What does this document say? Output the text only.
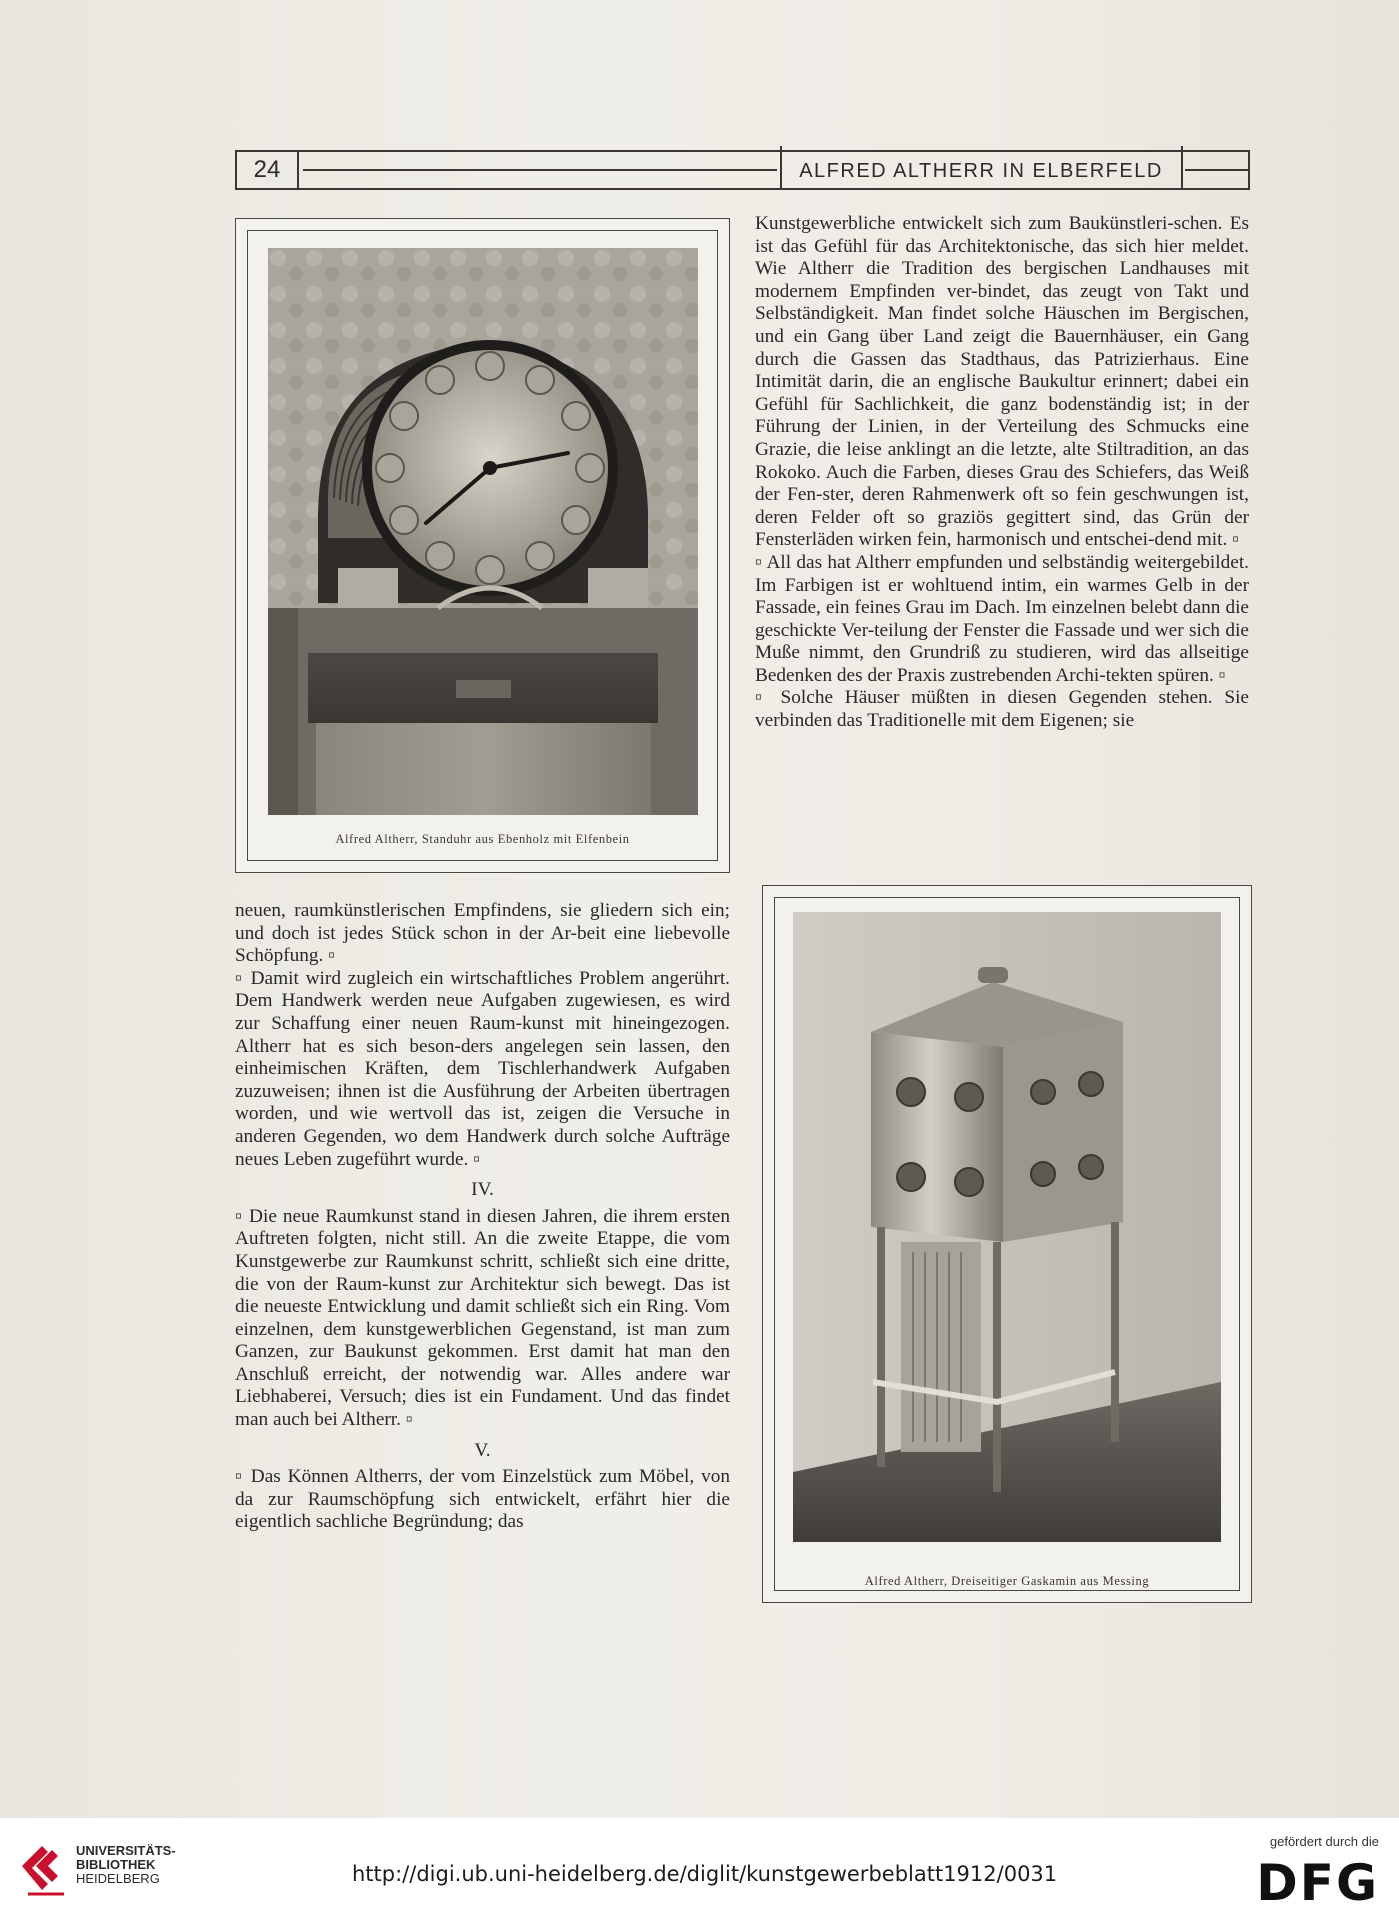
24	ALFRED ALTHERR IN ELBERFELD
Alfred Altherr, Standuhr aus Ebenholz mit Elfenbein
Alfred Altherr, Dreiseitiger Gaskamin aus Messing

Kunstgewerbliche entwickelt sich zum Baukünstleri-schen. Es ist das Gefühl für das Architektonische, das sich hier meldet. Wie Altherr die Tradition des bergischen Landhauses mit modernem Empfinden ver-bindet, das zeugt von Takt und Selbständigkeit. Man findet solche Häuschen im Bergischen, und ein Gang über Land zeigt die Bauernhäuser, ein Gang durch die Gassen das Stadthaus, das Patrizierhaus. Eine Intimität darin, die an englische Baukultur erinnert; dabei ein Gefühl für Sachlichkeit, die ganz bodenständig ist; in der Führung der Linien, in der Verteilung des Schmucks eine Grazie, die leise anklingt an die letzte, alte Stiltradition, an das Rokoko. Auch die Farben, dieses Grau des Schiefers, das Weiß der Fen-ster, deren Rahmenwerk oft so fein geschwungen ist, deren Felder oft so graziös gegittert sind, das Grün der Fensterläden wirken fein, harmonisch und entschei-dend mit. ▫

▫ All das hat Altherr empfunden und selbständig weitergebildet. Im Farbigen ist er wohltuend intim, ein warmes Gelb in der Fassade, ein feines Grau im Dach. Im einzelnen belebt dann die geschickte Ver-teilung der Fenster die Fassade und wer sich die Muße nimmt, den Grundriß zu studieren, wird das allseitige Bedenken des der Praxis zustrebenden Archi-tekten spüren. ▫

▫ Solche Häuser müßten in diesen Gegenden stehen. Sie verbinden das Traditionelle mit dem Eigenen; sie

neuen, raumkünstlerischen Empfindens, sie gliedern sich ein; und doch ist jedes Stück schon in der Ar-beit eine liebevolle Schöpfung. ▫

▫ Damit wird zugleich ein wirtschaftliches Problem angerührt. Dem Handwerk werden neue Aufgaben zugewiesen, es wird zur Schaffung einer neuen Raum-kunst mit hineingezogen. Altherr hat es sich beson-ders angelegen sein lassen, den einheimischen Kräften, dem Tischlerhandwerk Aufgaben zuzuweisen; ihnen ist die Ausführung der Arbeiten übertragen worden, und wie wertvoll das ist, zeigen die Versuche in anderen Gegenden, wo dem Handwerk durch solche Aufträge neues Leben zugeführt wurde. ▫

IV.

▫ Die neue Raumkunst stand in diesen Jahren, die ihrem ersten Auftreten folgten, nicht still. An die zweite Etappe, die vom Kunstgewerbe zur Raumkunst schritt, schließt sich eine dritte, die von der Raum-kunst zur Architektur sich bewegt. Das ist die neueste Entwicklung und damit schließt sich ein Ring. Vom einzelnen, dem kunstgewerblichen Gegenstand, ist man zum Ganzen, zur Baukunst gekommen. Erst damit hat man den Anschluß erreicht, der notwendig war. Alles andere war Liebhaberei, Versuch; dies ist ein Fundament. Und das findet man auch bei Altherr. ▫

V.

▫ Das Können Altherrs, der vom Einzelstück zum Möbel, von da zur Raumschöpfung sich entwickelt, erfährt hier die eigentlich sachliche Begründung; das

UNIVERSITÄTS-
BIBLIOTHEK
HEIDELBERG	http://digi.ub.uni-heidelberg.de/diglit/kunstgewerbeblatt1912/0031
gefördert durch die
DFG
